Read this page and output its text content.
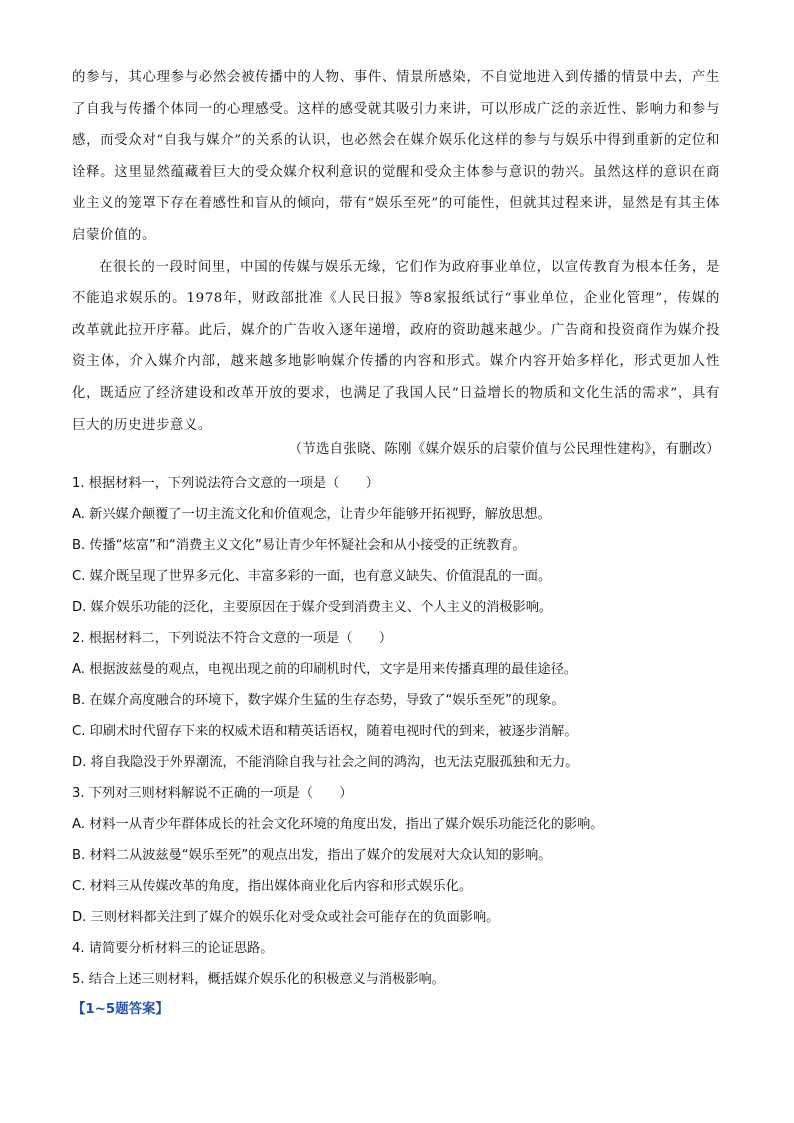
的参与，其心理参与必然会被传播中的人物、事件、情景所感染，不自觉地进入到传播的情景中去，产生了自我与传播个体同一的心理感受。这样的感受就其吸引力来讲，可以形成广泛的亲近性、影响力和参与感，而受众对“自我与媒介”的关系的认识，也必然会在媒介娱乐化这样的参与与娱乐中得到重新的定位和诠释。这里显然蕴藏着巨大的受众媒介权利意识的觉醒和受众主体参与意识的勃兴。虽然这样的意识在商业主义的笼罩下存在着感性和盲从的倾向，带有“娱乐至死”的可能性，但就其过程来讲，显然是有其主体启蒙价值的。

在很长的一段时间里，中国的传媒与娱乐无缘，它们作为政府事业单位，以宣传教育为根本任务，是不能追求娱乐的。1978年，财政部批准《人民日报》等8家报纸试行“事业单位，企业化管理”，传媒的改革就此拉开序幕。此后，媒介的广告收入逐年递增，政府的资助越来越少。广告商和投资商作为媒介投资主体，介入媒介内部，越来越多地影响媒介传播的内容和形式。媒介内容开始多样化，形式更加人性化，既适应了经济建设和改革开放的要求，也满足了我国人民“日益增长的物质和文化生活的需求”，具有巨大的历史进步意义。

（节选自张晓、陈刚《媒介娱乐的启蒙价值与公民理性建构》，有删改）
1. 根据材料一，下列说法符合文意的一项是（　　）
A. 新兴媒介颠覆了一切主流文化和价值观念，让青少年能够开拓视野，解放思想。
B. 传播“炫富”和“消费主义文化”易让青少年怀疑社会和从小接受的正统教育。
C. 媒介既呈现了世界多元化、丰富多彩的一面，也有意义缺失、价值混乱的一面。
D. 媒介娱乐功能的泛化，主要原因在于媒介受到消费主义、个人主义的消极影响。
2. 根据材料二，下列说法不符合文意的一项是（　　）
A. 根据波兹曼的观点，电视出现之前的印刷机时代，文字是用来传播真理的最佳途径。
B. 在媒介高度融合的环境下，数字媒介生猛的生存态势，导致了“娱乐至死”的现象。
C. 印刷术时代留存下来的权威术语和精英话语权，随着电视时代的到来，被逐步消解。
D. 将自我隐没于外界潮流，不能消除自我与社会之间的鸿沟，也无法克服孤独和无力。
3. 下列对三则材料解说不正确的一项是（　　）
A. 材料一从青少年群体成长的社会文化环境的角度出发，指出了媒介娱乐功能泛化的影响。
B. 材料二从波兹曼“娱乐至死”的观点出发，指出了媒介的发展对大众认知的影响。
C. 材料三从传媒改革的角度，指出媒体商业化后内容和形式娱乐化。
D. 三则材料都关注到了媒介的娱乐化对受众或社会可能存在的负面影响。
4. 请简要分析材料三的论证思路。
5. 结合上述三则材料，概括媒介娱乐化的积极意义与消极影响。
【1~5题答案】
